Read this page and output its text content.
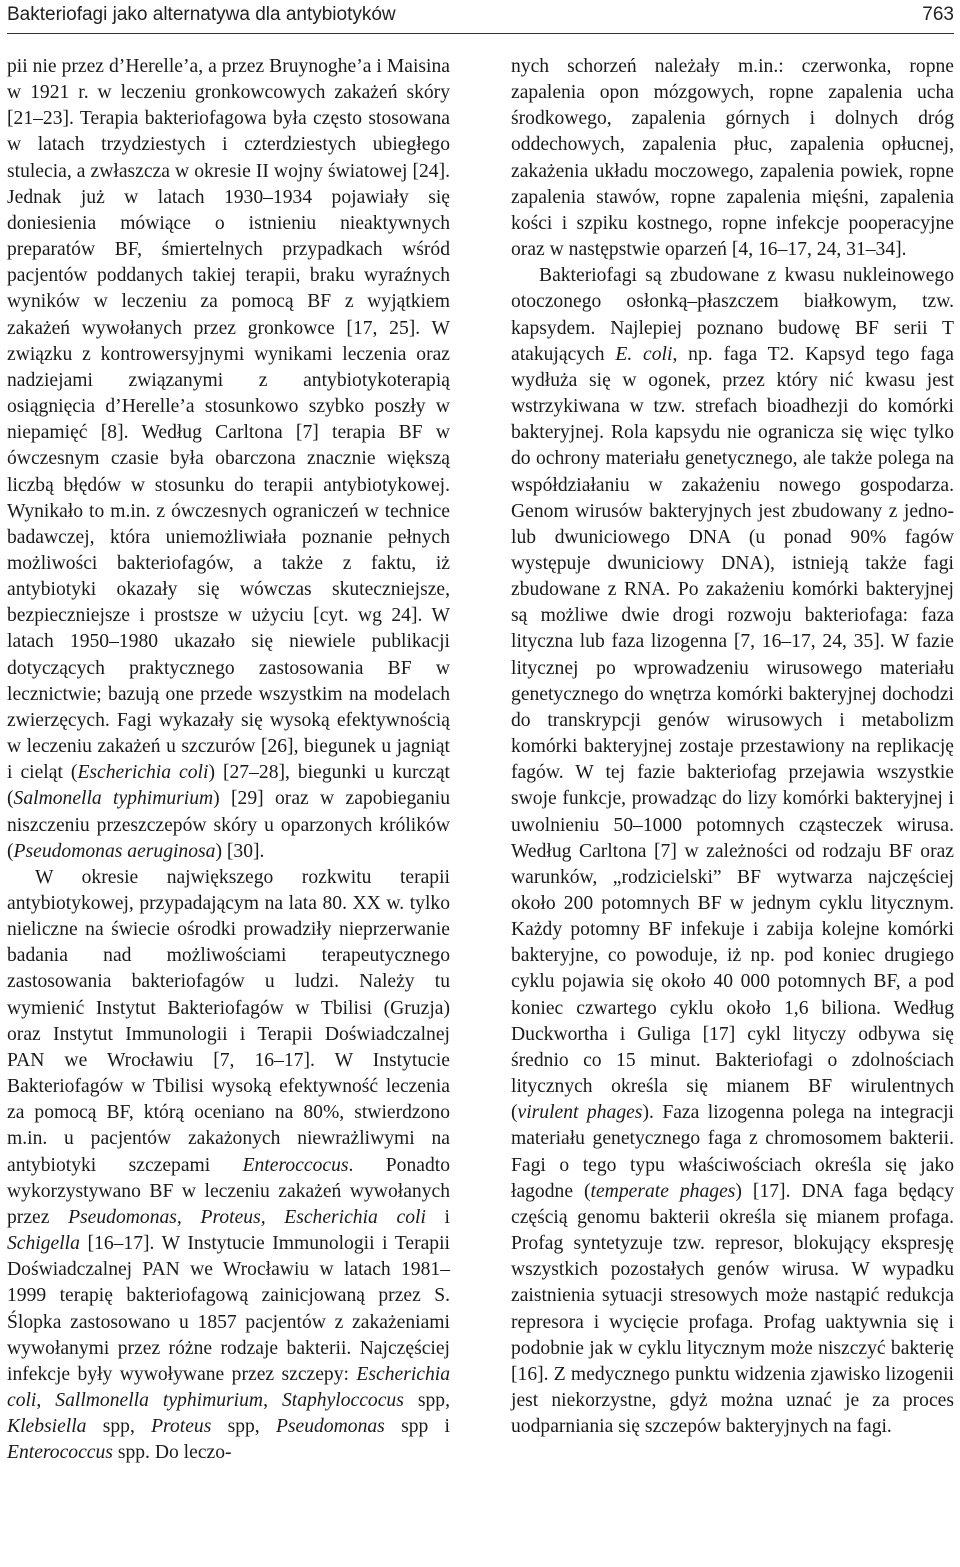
Bakteriofagi jako alternatywa dla antybiotyków	763

pii nie przez d’Herelle’a, a przez Bruynoghe’a i Maisina w 1921 r. w leczeniu gronkowcowych zakażeń skóry [21–23]. Terapia bakteriofagowa była często stosowana w latach trzydziestych i czterdziestych ubiegłego stulecia, a zwłaszcza w okresie II wojny światowej [24]. Jednak już w latach 1930–1934 pojawiały się doniesienia mówiące o istnieniu nieaktywnych preparatów BF, śmiertelnych przypadkach wśród pacjentów poddanych takiej terapii, braku wyraźnych wyników w leczeniu za pomocą BF z wyjątkiem zakażeń wywołanych przez gronkowce [17, 25]. W związku z kontrowersyjnymi wynikami leczenia oraz nadziejami związanymi z antybiotykoterapią osiągnięcia d’Herelle’a stosunkowo szybko poszły w niepamięć [8]. Według Carltona [7] terapia BF w ówczesnym czasie była obarczona znacznie większą liczbą błędów w stosunku do terapii antybiotykowej. Wynikało to m.in. z ówczesnych ograniczeń w technice badawczej, która uniemożliwiała poznanie pełnych możliwości bakteriofagów, a także z faktu, iż antybiotyki okazały się wówczas skuteczniejsze, bezpieczniejsze i prostsze w użyciu [cyt. wg 24]. W latach 1950–1980 ukazało się niewiele publikacji dotyczących praktycznego zastosowania BF w lecznictwie; bazują one przede wszystkim na modelach zwierzęcych. Fagi wykazały się wysoką efektywnością w leczeniu zakażeń u szczurów [26], biegunek u jagniąt i cieląt (Escherichia coli) [27–28], biegunki u kurcząt (Salmonella typhimurium) [29] oraz w zapobieganiu niszczeniu przeszczepów skóry u oparzonych królików (Pseudomonas aeruginosa) [30].

W okresie największego rozkwitu terapii antybiotykowej, przypadającym na lata 80. XX w. tylko nieliczne na świecie ośrodki prowadziły nieprzerwanie badania nad możliwościami terapeutycznego zastosowania bakteriofagów u ludzi. Należy tu wymienić Instytut Bakteriofagów w Tbilisi (Gruzja) oraz Instytut Immunologii i Terapii Doświadczalnej PAN we Wrocławiu [7, 16–17]. W Instytucie Bakteriofagów w Tbilisi wysoką efektywność leczenia za pomocą BF, którą oceniano na 80%, stwierdzono m.in. u pacjentów zakażonych niewrażliwymi na antybiotyki szczepami Enteroccocus. Ponadto wykorzystywano BF w leczeniu zakażeń wywołanych przez Pseudomonas, Proteus, Escherichia coli i Schigella [16–17]. W Instytucie Immunologii i Terapii Doświadczalnej PAN we Wrocławiu w latach 1981–1999 terapię bakteriofagową zainicjowaną przez S. Ślopka zastosowano u 1857 pacjentów z zakażeniami wywołanymi przez różne rodzaje bakterii. Najczęściej infekcje były wywoływane przez szczepy: Escherichia coli, Sallmonella typhimurium, Staphyloccocus spp, Klebsiella spp, Proteus spp, Pseudomonas spp i Enterococcus spp. Do leczo-

nych schorzeń należały m.in.: czerwonka, ropne zapalenia opon mózgowych, ropne zapalenia ucha środkowego, zapalenia górnych i dolnych dróg oddechowych, zapalenia płuc, zapalenia opłucnej, zakażenia układu moczowego, zapalenia powiek, ropne zapalenia stawów, ropne zapalenia mięśni, zapalenia kości i szpiku kostnego, ropne infekcje pooperacyjne oraz w następstwie oparzeń [4, 16–17, 24, 31–34].

Bakteriofagi są zbudowane z kwasu nukleinowego otoczonego osłonką–płaszczem białkowym, tzw. kapsydem. Najlepiej poznano budowę BF serii T atakujących E. coli, np. faga T2. Kapsyd tego faga wydłuża się w ogonek, przez który nić kwasu jest wstrzykiwana w tzw. strefach bioadhezji do komórki bakteryjnej. Rola kapsydu nie ogranicza się więc tylko do ochrony materiału genetycznego, ale także polega na współdziałaniu w zakażeniu nowego gospodarza. Genom wirusów bakteryjnych jest zbudowany z jedno- lub dwuniciowego DNA (u ponad 90% fagów występuje dwuniciowy DNA), istnieją także fagi zbudowane z RNA. Po zakażeniu komórki bakteryjnej są możliwe dwie drogi rozwoju bakteriofaga: faza lityczna lub faza lizogenna [7, 16–17, 24, 35]. W fazie litycznej po wprowadzeniu wirusowego materiału genetycznego do wnętrza komórki bakteryjnej dochodzi do transkrypcji genów wirusowych i metabolizm komórki bakteryjnej zostaje przestawiony na replikację fagów. W tej fazie bakteriofag przejawia wszystkie swoje funkcje, prowadząc do lizy komórki bakteryjnej i uwolnieniu 50–1000 potomnych cząsteczek wirusa. Według Carltona [7] w zależności od rodzaju BF oraz warunków, „rodzicielski” BF wytwarza najczęściej około 200 potomnych BF w jednym cyklu litycznym. Każdy potomny BF infekuje i zabija kolejne komórki bakteryjne, co powoduje, iż np. pod koniec drugiego cyklu pojawia się około 40 000 potomnych BF, a pod koniec czwartego cyklu około 1,6 biliona. Według Duckwortha i Guliga [17] cykl lityczy odbywa się średnio co 15 minut. Bakteriofagi o zdolnościach litycznych określa się mianem BF wirulentnych (virulent phages). Faza lizogenna polega na integracji materiału genetycznego faga z chromosomem bakterii. Fagi o tego typu właściwościach określa się jako łagodne (temperate phages) [17]. DNA faga będący częścią genomu bakterii określa się mianem profaga. Profag syntetyzuje tzw. represor, blokujący ekspresję wszystkich pozostałych genów wirusa. W wypadku zaistnienia sytuacji stresowych może nastąpić redukcja represora i wycięcie profaga. Profag uaktywnia się i podobnie jak w cyklu litycznym może niszczyć bakterię [16]. Z medycznego punktu widzenia zjawisko lizogenii jest niekorzystne, gdyż można uznać je za proces uodparniania się szczepów bakteryjnych na fagi.
